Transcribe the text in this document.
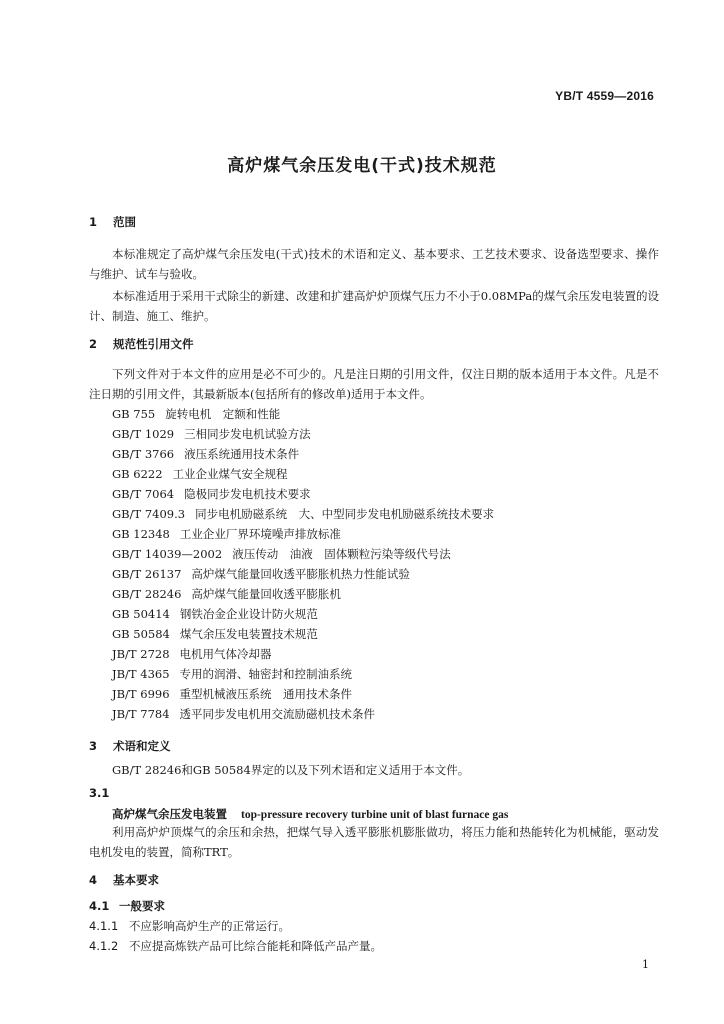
YB/T 4559—2016
高炉煤气余压发电(干式)技术规范
1 范围
本标准规定了高炉煤气余压发电(干式)技术的术语和定义、基本要求、工艺技术要求、设备选型要求、操作与维护、试车与验收。
本标准适用于采用干式除尘的新建、改建和扩建高炉炉顶煤气压力不小于0.08MPa的煤气余压发电装置的设计、制造、施工、维护。
2 规范性引用文件
下列文件对于本文件的应用是必不可少的。凡是注日期的引用文件，仅注日期的版本适用于本文件。凡是不注日期的引用文件，其最新版本(包括所有的修改单)适用于本文件。
GB 755 旋转电机　定额和性能
GB/T 1029 三相同步发电机试验方法
GB/T 3766 液压系统通用技术条件
GB 6222 工业企业煤气安全规程
GB/T 7064 隐极同步发电机技术要求
GB/T 7409.3 同步电机励磁系统　大、中型同步发电机励磁系统技术要求
GB 12348 工业企业厂界环境噪声排放标准
GB/T 14039—2002 液压传动　油液　固体颗粒污染等级代号法
GB/T 26137 高炉煤气能量回收透平膨胀机热力性能试验
GB/T 28246 高炉煤气能量回收透平膨胀机
GB 50414 钢铁冶金企业设计防火规范
GB 50584 煤气余压发电装置技术规范
JB/T 2728 电机用气体冷却器
JB/T 4365 专用的润滑、轴密封和控制油系统
JB/T 6996 重型机械液压系统　通用技术条件
JB/T 7784 透平同步发电机用交流励磁机技术条件
3 术语和定义
GB/T 28246和GB 50584界定的以及下列术语和定义适用于本文件。
3.1
高炉煤气余压发电装置 top-pressure recovery turbine unit of blast furnace gas
利用高炉炉顶煤气的余压和余热，把煤气导入透平膨胀机膨胀做功，将压力能和热能转化为机械能，驱动发电机发电的装置，简称TRT。
4 基本要求
4.1 一般要求
4.1.1 不应影响高炉生产的正常运行。
4.1.2 不应提高炼铁产品可比综合能耗和降低产品产量。
1
